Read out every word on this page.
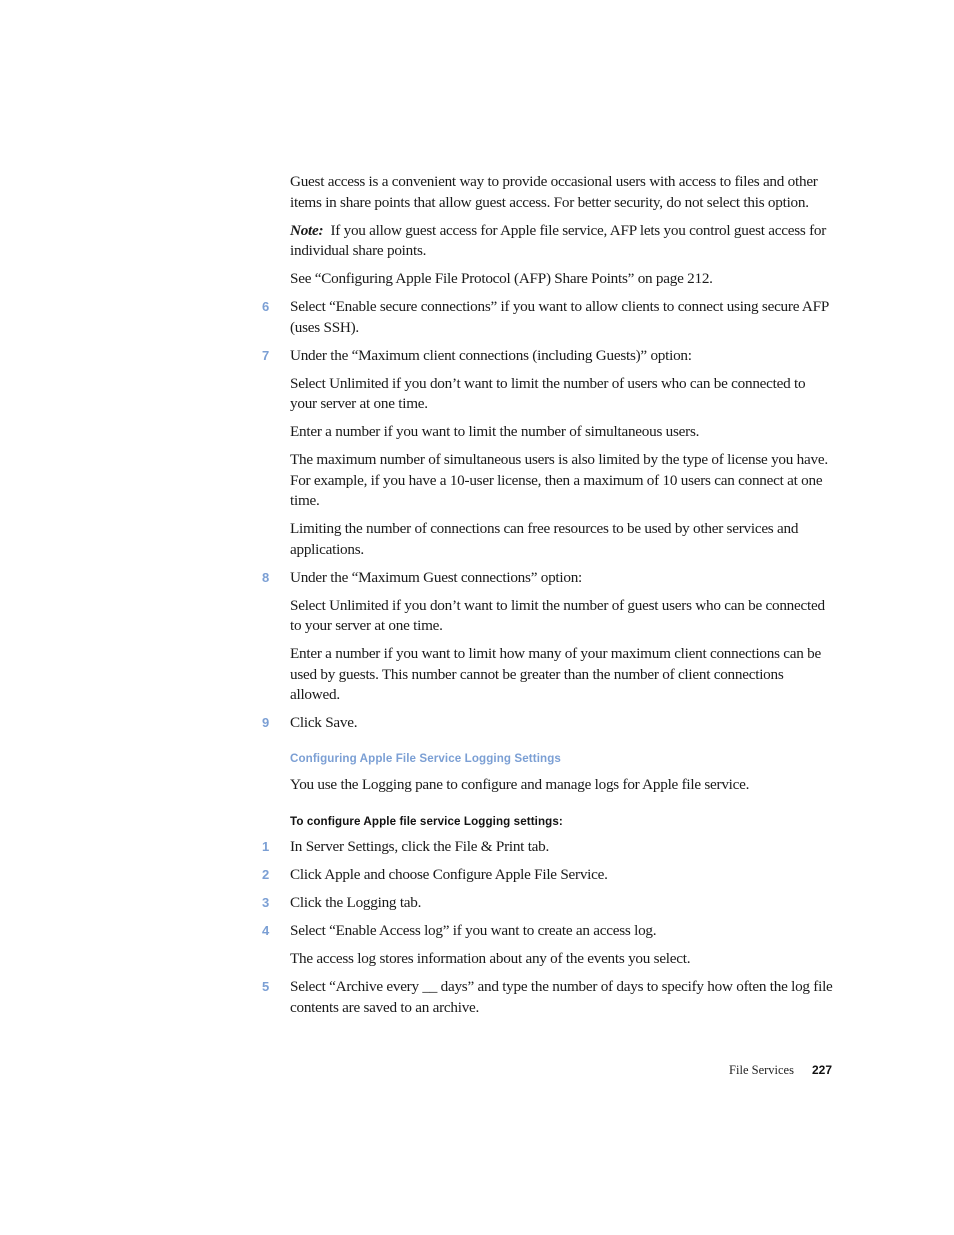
Guest access is a convenient way to provide occasional users with access to files and other items in share points that allow guest access. For better security, do not select this option.

Note: If you allow guest access for Apple file service, AFP lets you control guest access for individual share points.

See “Configuring Apple File Protocol (AFP) Share Points” on page 212.

6	Select “Enable secure connections” if you want to allow clients to connect using secure AFP (uses SSH).
7	Under the “Maximum client connections (including Guests)” option:

Select Unlimited if you don’t want to limit the number of users who can be connected to your server at one time.

Enter a number if you want to limit the number of simultaneous users.

The maximum number of simultaneous users is also limited by the type of license you have. For example, if you have a 10-user license, then a maximum of 10 users can connect at one time.

Limiting the number of connections can free resources to be used by other services and applications.

8	Under the “Maximum Guest connections” option:

Select Unlimited if you don’t want to limit the number of guest users who can be connected to your server at one time.

Enter a number if you want to limit how many of your maximum client connections can be used by guests. This number cannot be greater than the number of client connections allowed.

9	Click Save.
Configuring Apple File Service Logging Settings

You use the Logging pane to configure and manage logs for Apple file service.

To configure Apple file service Logging settings:
1	In Server Settings, click the File & Print tab.
2	Click Apple and choose Configure Apple File Service.
3	Click the Logging tab.
4	Select “Enable Access log” if you want to create an access log.

The access log stores information about any of the events you select.

5	Select “Archive every __ days” and type the number of days to specify how often the log file contents are saved to an archive.
File Services 227
